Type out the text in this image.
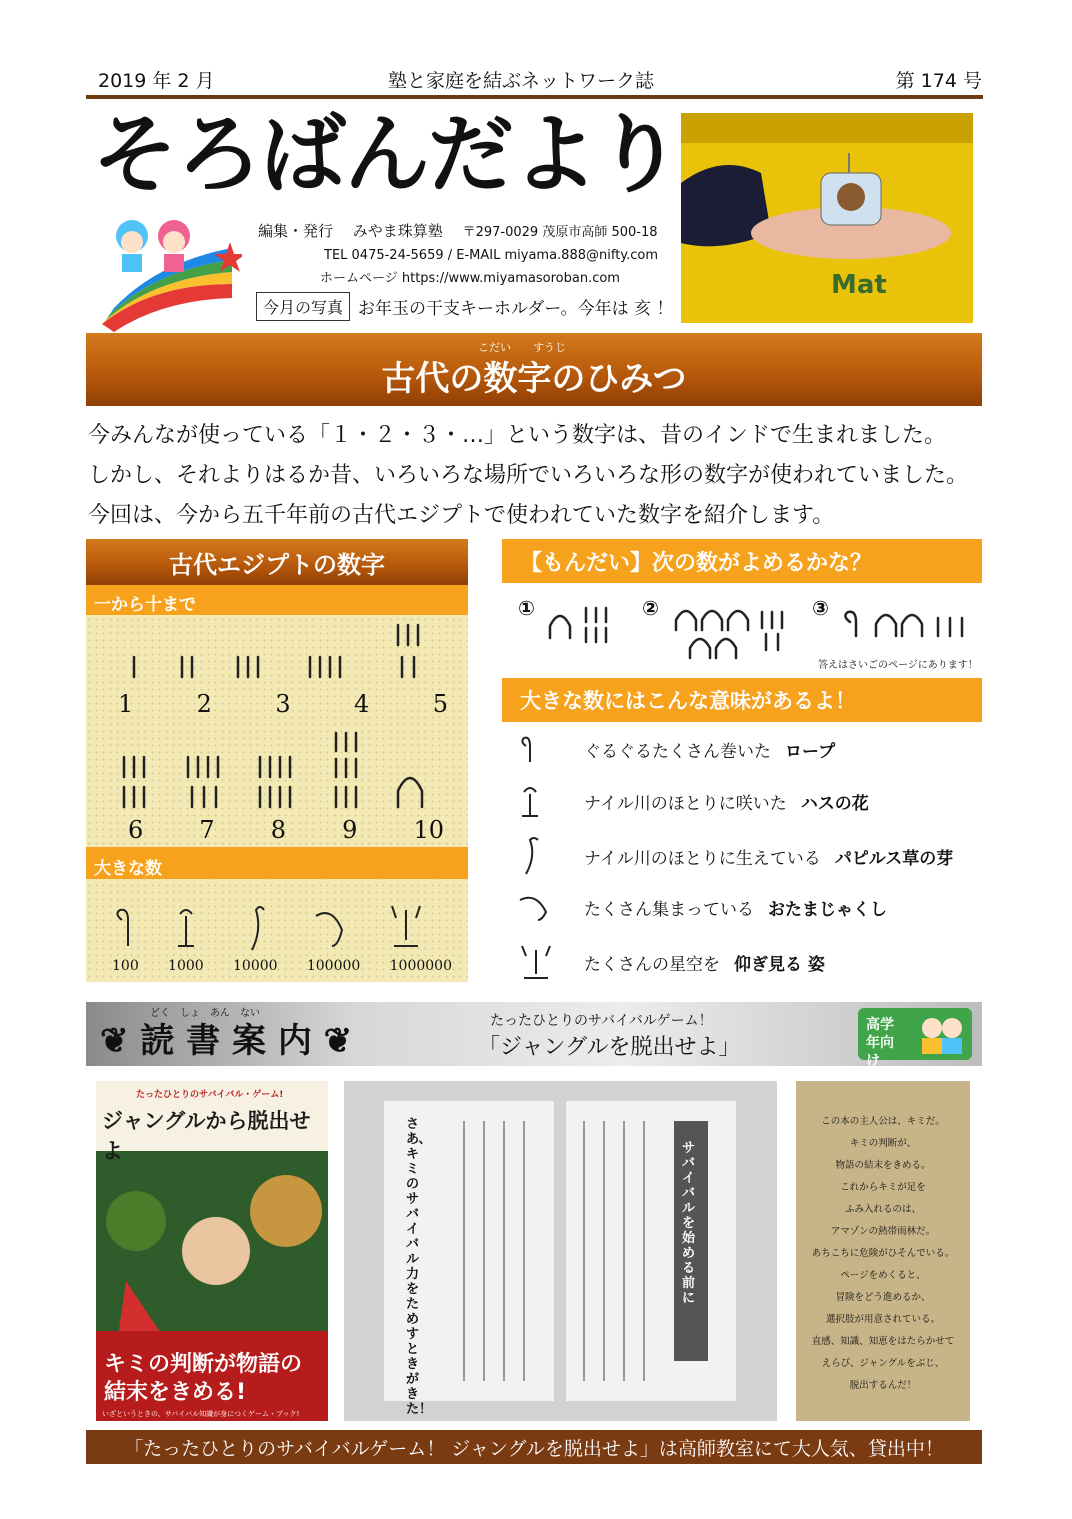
2019 年 2 月	塾と家庭を結ぶネットワーク誌	第 174 号
そろばんだより
Mat
編集・発行　 みやま珠算塾　 〒297-0029 茂原市高師 500-18
TEL 0475-24-5659 / E-MAIL miyama.888@nifty.com
ホームページ https://www.miyamasoroban.com
今月の写真 お年玉の干支キーホルダー。今年は 亥 ！
こだい　　すうじ
古代の数字のひみつ

今みんなが使っている「１・２・３・…」という数字は、昔のインドで生まれました。

しかし、それよりはるか昔、いろいろな場所でいろいろな形の数字が使われていました。

今回は、今から五千年前の古代エジプトで使われていた数字を紹介します。

古代エジプトの数字
一から十まで
1	2	3	4	5
6 7 8 9 10
大きな数
100 1000 10000 100000 1000000
【もんだい】次の数がよめるかな？
①	②	③
答えはさいごのページにあります！
大きな数にはこんな意味があるよ！
ぐるぐるたくさん巻いた ロープ
ナイル川のほとりに咲いた ハスの花
ナイル川のほとりに生えている パピルス草の芽
たくさん集まっている おたまじゃくし
たくさんの星空を 仰ぎ見る 姿
どく　しょ　あん　ない
❦ 読 書 案 内 ❦	たったひとりのサバイバルゲーム！
「ジャングルを脱出せよ」
高学年向け
たったひとりのサバイバル・ゲーム!
ジャングルから脱出せよ
キミの判断が物語の結末をきめる!
いざというときの、サバイバル知識が身につくゲーム・ブック!
さあ、キミのサバイバル力をためすときがきた！
サバイバルを始める前に
この本の主人公は、キミだ。
キミの判断が、
物語の結末をきめる。
これからキミが足を
ふみ入れるのは、
アマゾンの熱帯雨林だ。
あちこちに危険がひそんでいる。
ページをめくると、
冒険をどう進めるか、
選択肢が用意されている。
直感、知識、知恵をはたらかせて
えらび、ジャングルをぶじ、
脱出するんだ！
「たったひとりのサバイバルゲーム！ ジャングルを脱出せよ」は高師教室にて大人気、貸出中！
